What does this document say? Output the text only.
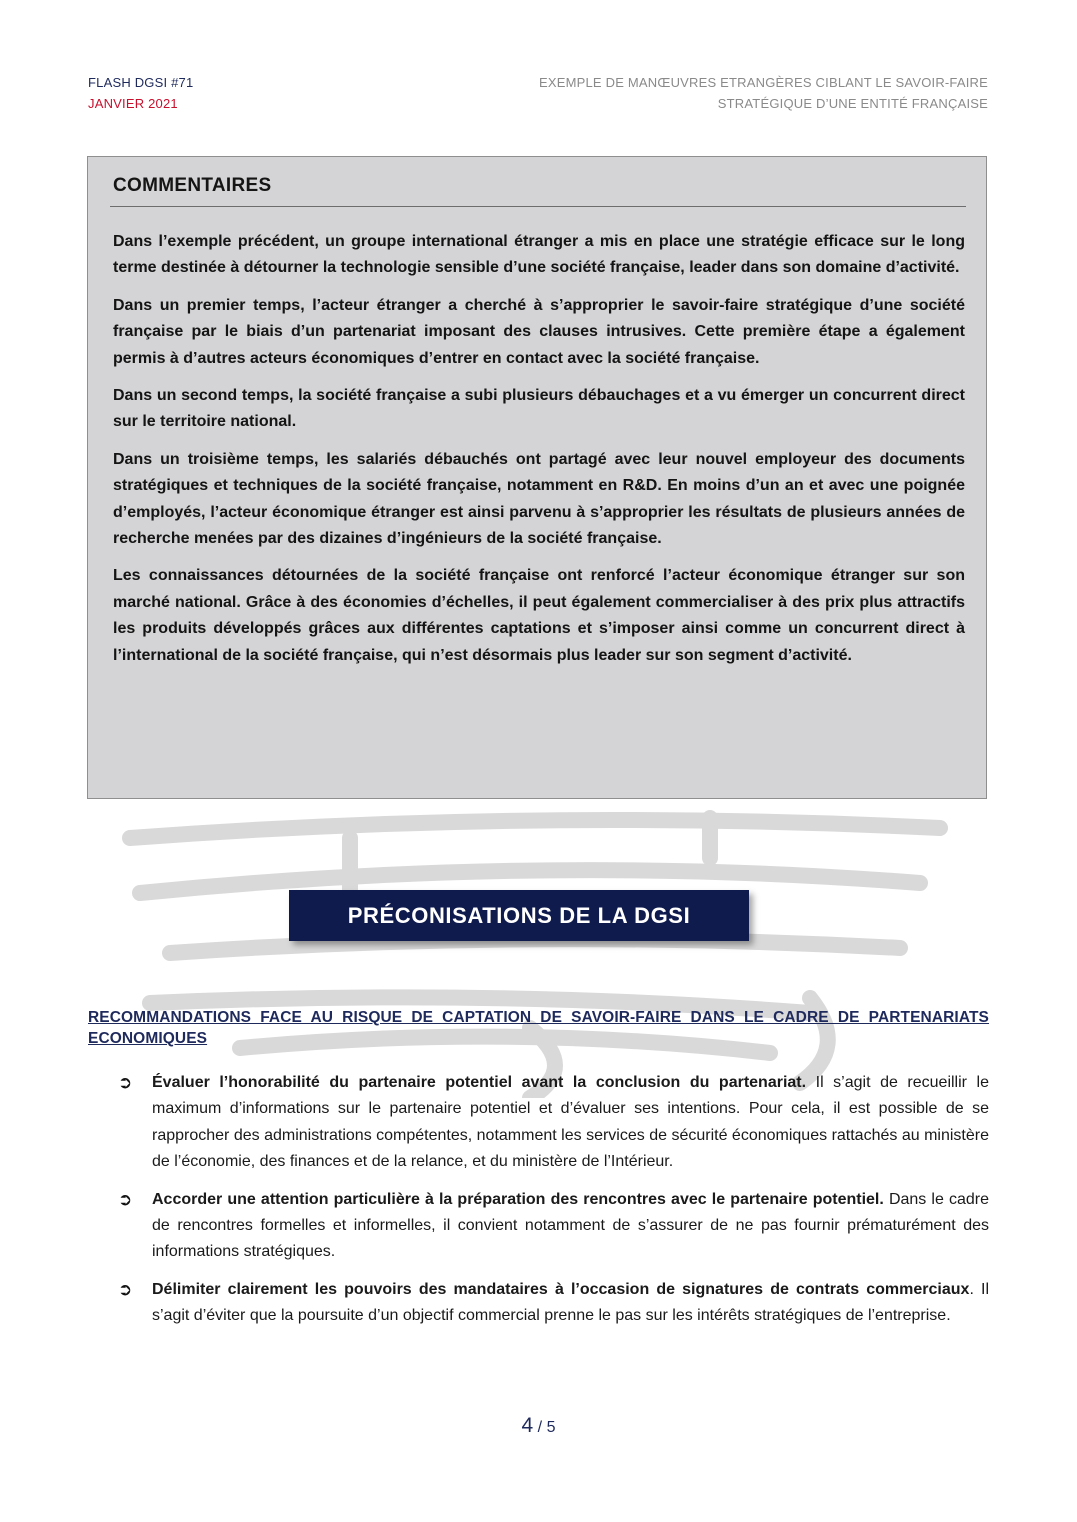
FLASH DGSI #71
JANVIER 2021
EXEMPLE DE MANŒUVRES ETRANGÈRES CIBLANT LE SAVOIR-FAIRE
STRATÉGIQUE D’UNE ENTITÉ FRANÇAISE
COMMENTAIRES

Dans l’exemple précédent, un groupe international étranger a mis en place une stratégie efficace sur le long terme destinée à détourner la technologie sensible d’une société française, leader dans son domaine d’activité.

Dans un premier temps, l’acteur étranger a cherché à s’approprier le savoir-faire stratégique d’une société française par le biais d’un partenariat imposant des clauses intrusives. Cette première étape a également permis à d’autres acteurs économiques d’entrer en contact avec la société française.

Dans un second temps, la société française a subi plusieurs débauchages et a vu émerger un concurrent direct sur le territoire national.

Dans un troisième temps, les salariés débauchés ont partagé avec leur nouvel employeur des documents stratégiques et techniques de la société française, notamment en R&D. En moins d’un an et avec une poignée d’employés, l’acteur économique étranger est ainsi parvenu à s’approprier les résultats de plusieurs années de recherche menées par des dizaines d’ingénieurs de la société française.

Les connaissances détournées de la société française ont renforcé l’acteur économique étranger sur son marché national. Grâce à des économies d’échelles, il peut également commercialiser à des prix plus attractifs les produits développés grâces aux différentes captations et s’imposer ainsi comme un concurrent direct à l’international de la société française, qui n’est désormais plus leader sur son segment d’activité.

PRÉCONISATIONS DE LA DGSI
RECOMMANDATIONS FACE AU RISQUE DE CAPTATION DE SAVOIR-FAIRE DANS LE CADRE DE PARTENARIATS ECONOMIQUES
➲ Évaluer l’honorabilité du partenaire potentiel avant la conclusion du partenariat. Il s’agit de recueillir le maximum d’informations sur le partenaire potentiel et d’évaluer ses intentions. Pour cela, il est possible de se rapprocher des administrations compétentes, notamment les services de sécurité économiques rattachés au ministère de l’économie, des finances et de la relance, et du ministère de l’Intérieur.
➲ Accorder une attention particulière à la préparation des rencontres avec le partenaire potentiel. Dans le cadre de rencontres formelles et informelles, il convient notamment de s’assurer de ne pas fournir prématurément des informations stratégiques.
➲ Délimiter clairement les pouvoirs des mandataires à l’occasion de signatures de contrats commerciaux. Il s’agit d’éviter que la poursuite d’un objectif commercial prenne le pas sur les intérêts stratégiques de l’entreprise.
4 / 5
